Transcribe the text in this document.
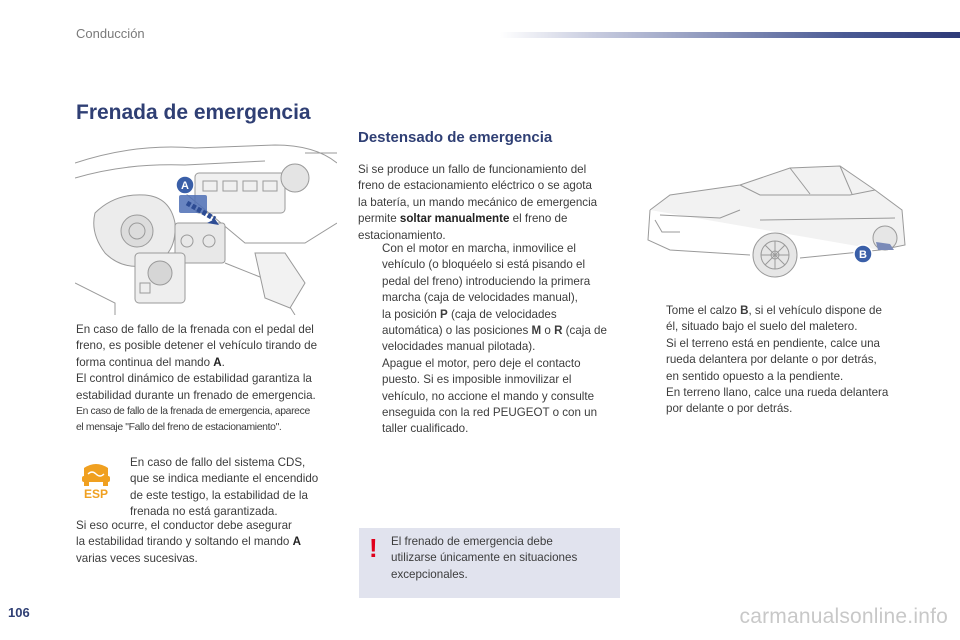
Conducción
Frenada de emergencia
A
En caso de fallo de la frenada con el pedal del
freno, es posible detener el vehículo tirando de
forma continua del mando A.
El control dinámico de estabilidad garantiza la
estabilidad durante un frenado de emergencia.
En caso de fallo de la frenada de emergencia, aparece
el mensaje "Fallo del freno de estacionamiento".
ESP
En caso de fallo del sistema CDS,
que se indica mediante el encendido
de este testigo, la estabilidad de la
frenada no está garantizada.
Si eso ocurre, el conductor debe asegurar
la estabilidad tirando y soltando el mando A
varias veces sucesivas.
Destensado de emergencia
Si se produce un fallo de funcionamiento del
freno de estacionamiento eléctrico o se agota
la batería, un mando mecánico de emergencia
permite soltar manualmente el freno de
estacionamiento.
Con el motor en marcha, inmovilice el
vehículo (o bloquéelo si está pisando el
pedal del freno) introduciendo la primera
marcha (caja de velocidades manual),
la posición P (caja de velocidades
automática) o las posiciones M o R (caja de
velocidades manual pilotada).
Apague el motor, pero deje el contacto
puesto. Si es imposible inmovilizar el
vehículo, no accione el mando y consulte
enseguida con la red PEUGEOT o con un
taller cualificado.
! El frenado de emergencia debe
utilizarse únicamente en situaciones
excepcionales.
B
Tome el calzo B, si el vehículo dispone de
él, situado bajo el suelo del maletero.
Si el terreno está en pendiente, calce una
rueda delantera por delante o por detrás,
en sentido opuesto a la pendiente.
En terreno llano, calce una rueda delantera
por delante o por detrás.
106	carmanualsonline.info
